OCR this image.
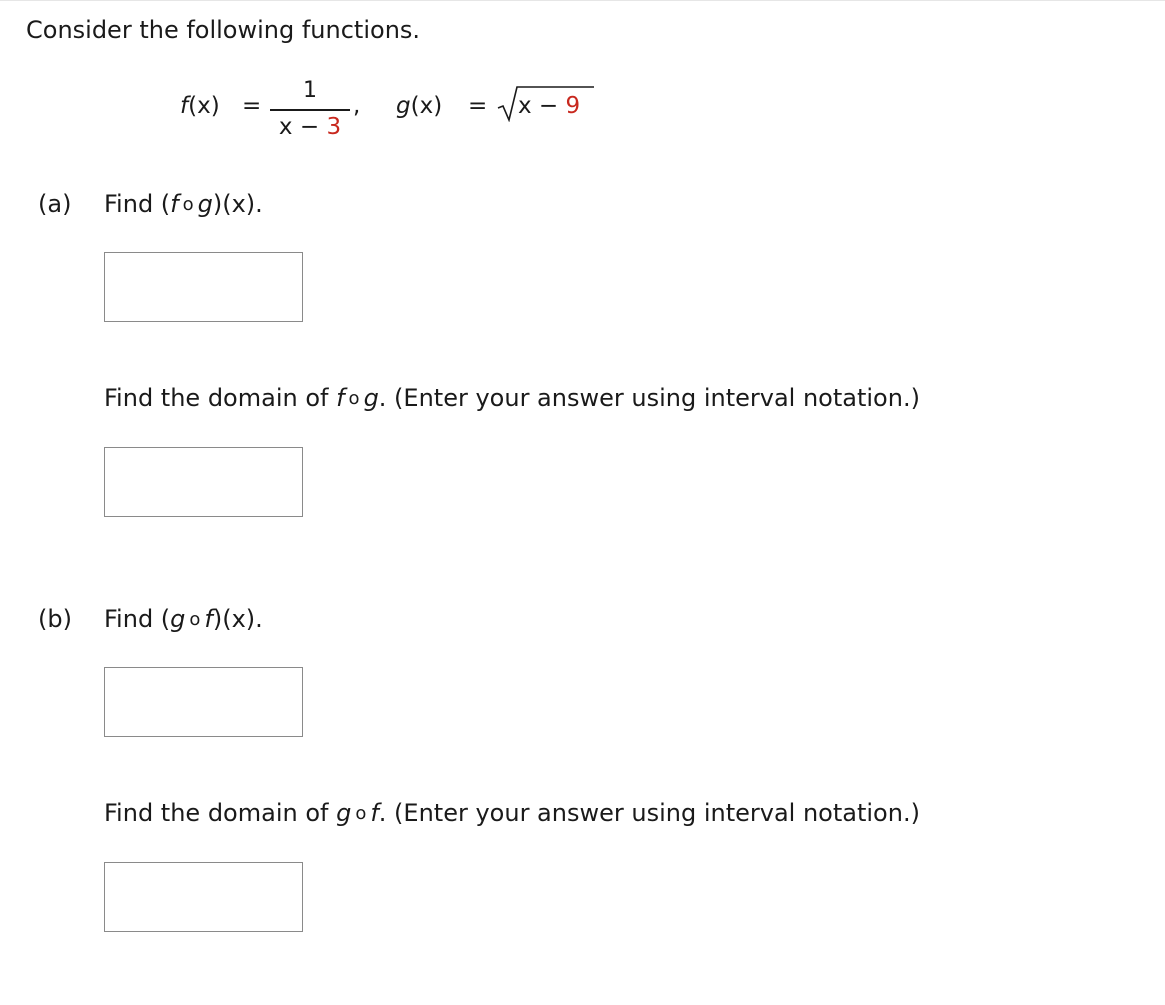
Consider the following functions.
f(x) =
1
x − 3
, g(x) = x − 9
(a) Find (f o g)(x).
Find the domain of f o g. (Enter your answer using interval notation.)
(b) Find (g o f)(x).
Find the domain of g o f. (Enter your answer using interval notation.)
